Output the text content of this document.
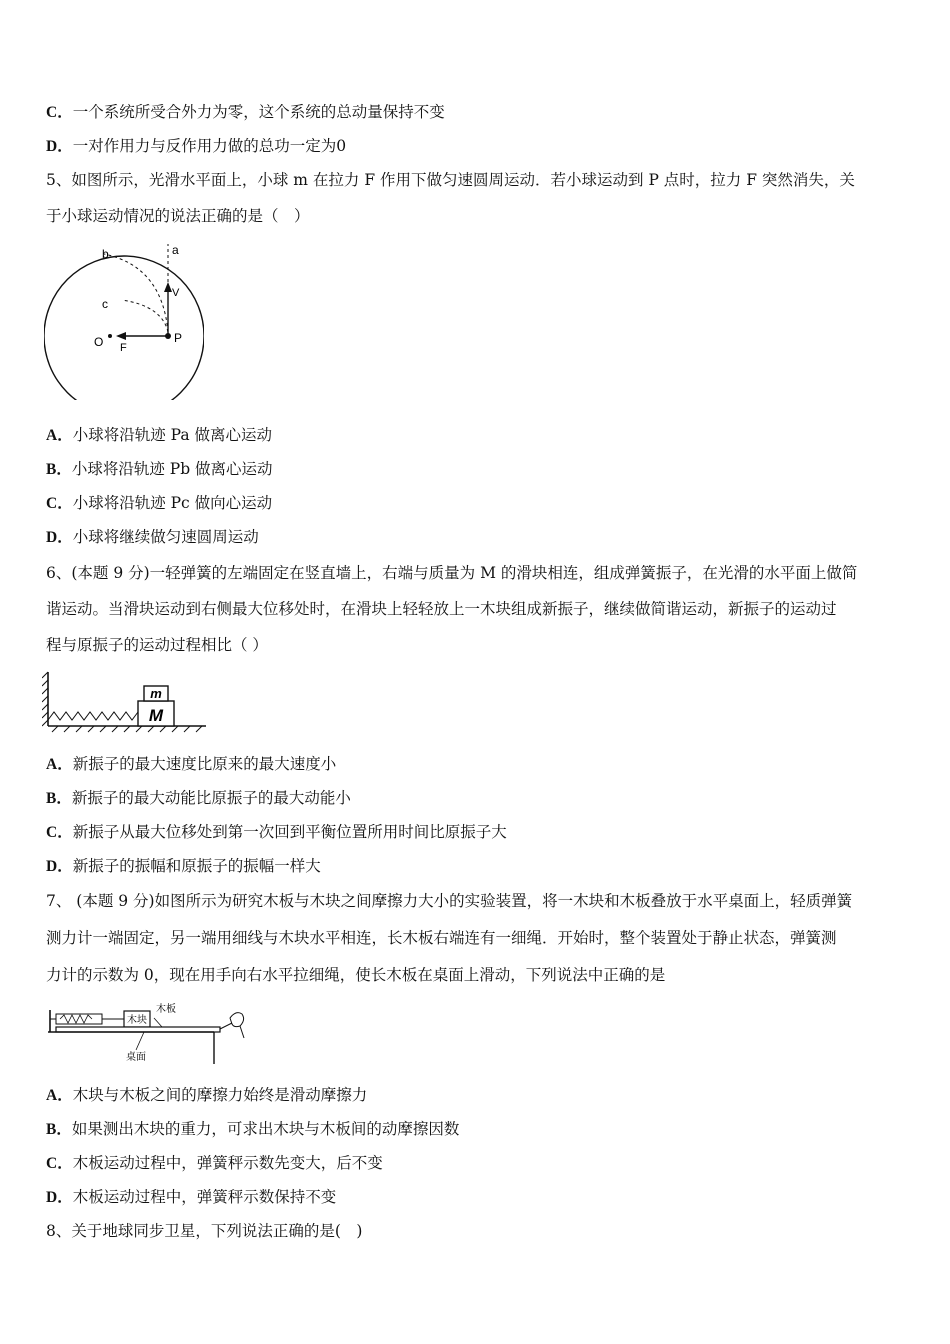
C．一个系统所受合外力为零，这个系统的总动量保持不变
D．一对作用力与反作用力做的总功一定为0
5、如图所示，光滑水平面上，小球 m 在拉力 F 作用下做匀速圆周运动．若小球运动到 P 点时，拉力 F 突然消失，关
于小球运动情况的说法正确的是（　）
b	a
V
c
O F
P
A．小球将沿轨迹 Pa 做离心运动
B．小球将沿轨迹 Pb 做离心运动
C．小球将沿轨迹 Pc 做向心运动
D．小球将继续做匀速圆周运动
6、(本题 9 分)一轻弹簧的左端固定在竖直墙上，右端与质量为 M 的滑块相连，组成弹簧振子，在光滑的水平面上做简
谐运动。当滑块运动到右侧最大位移处时，在滑块上轻轻放上一木块组成新振子，继续做简谐运动，新振子的运动过
程与原振子的运动过程相比（ ）
m
M
A．新振子的最大速度比原来的最大速度小
B．新振子的最大动能比原振子的最大动能小
C．新振子从最大位移处到第一次回到平衡位置所用时间比原振子大
D．新振子的振幅和原振子的振幅一样大
7、 (本题 9 分)如图所示为研究木板与木块之间摩擦力大小的实验装置，将一木块和木板叠放于水平桌面上，轻质弹簧
测力计一端固定，另一端用细线与木块水平相连，长木板右端连有一细绳．开始时，整个装置处于静止状态，弹簧测
力计的示数为 0，现在用手向右水平拉细绳，使长木板在桌面上滑动，下列说法中正确的是
木块
木板
桌面
A．木块与木板之间的摩擦力始终是滑动摩擦力
B．如果测出木块的重力，可求出木块与木板间的动摩擦因数
C．木板运动过程中，弹簧秤示数先变大，后不变
D．木板运动过程中，弹簧秤示数保持不变
8、关于地球同步卫星，下列说法正确的是(　)
